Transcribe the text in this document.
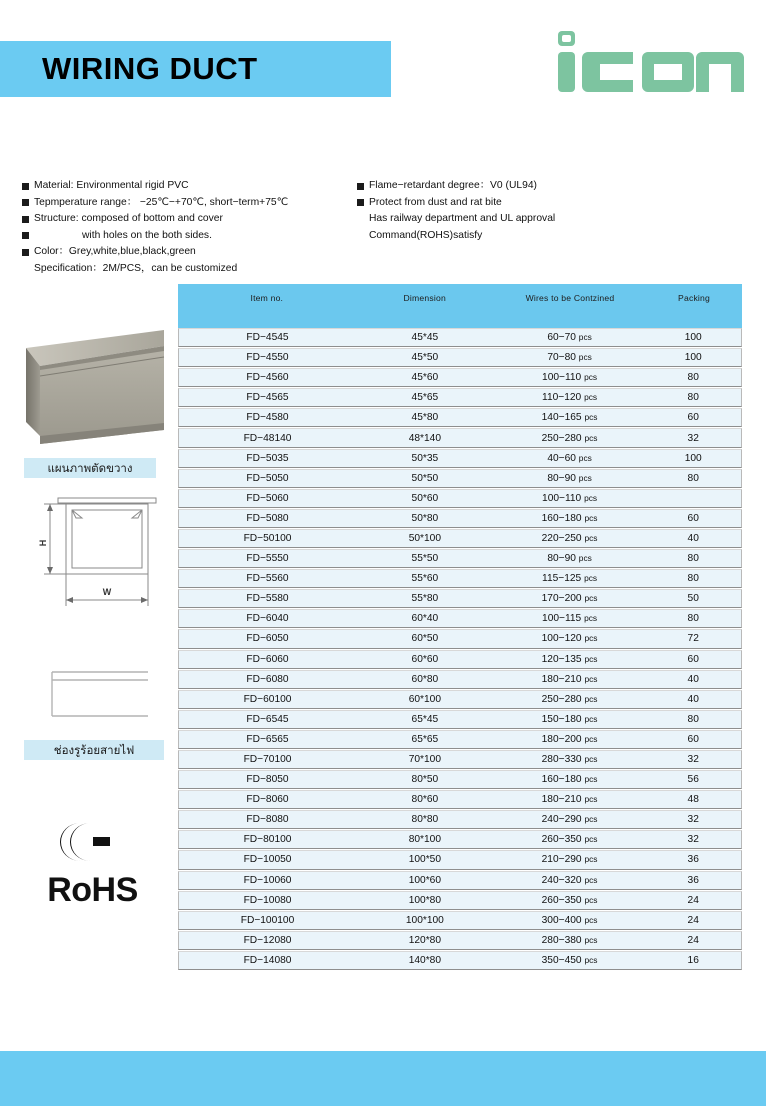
WIRING DUCT
Material: Environmental rigid PVC
Tepmperature range： −25℃−+70℃, short−term+75℃
Structure: composed of bottom and cover
with holes on the both sides.
Color：Grey,white,blue,black,green
Specification：2M/PCS，can be customized
Flame−retardant degree：V0 (UL94)
Protect from dust and rat bite
Has railway department and UL approval
Command(ROHS)satisfy
แผนภาพตัดขวาง
H
W
ช่องรูร้อยสายไฟ
RoHS
Item no.	Dimension	Wires to be Contzined	Packing
FD−4545	45*45	60−70 pcs	100
FD−4550	45*50	70−80 pcs	100
FD−4560	45*60	100−110 pcs	80
FD−4565	45*65	110−120 pcs	80
FD−4580	45*80	140−165 pcs	60
FD−48140	48*140	250−280 pcs	32
FD−5035	50*35	40−60 pcs	100
FD−5050	50*50	80−90 pcs	80
FD−5060	50*60	100−110 pcs
FD−5080	50*80	160−180 pcs	60
FD−50100	50*100	220−250 pcs	40
FD−5550	55*50	80−90 pcs	80
FD−5560	55*60	115−125 pcs	80
FD−5580	55*80	170−200 pcs	50
FD−6040	60*40	100−115 pcs	80
FD−6050	60*50	100−120 pcs	72
FD−6060	60*60	120−135 pcs	60
FD−6080	60*80	180−210 pcs	40
FD−60100	60*100	250−280 pcs	40
FD−6545	65*45	150−180 pcs	80
FD−6565	65*65	180−200 pcs	60
FD−70100	70*100	280−330 pcs	32
FD−8050	80*50	160−180 pcs	56
FD−8060	80*60	180−210 pcs	48
FD−8080	80*80	240−290 pcs	32
FD−80100	80*100	260−350 pcs	32
FD−10050	100*50	210−290 pcs	36
FD−10060	100*60	240−320 pcs	36
FD−10080	100*80	260−350 pcs	24
FD−100100	100*100	300−400 pcs	24
FD−12080	120*80	280−380 pcs	24
FD−14080	140*80	350−450 pcs	16
